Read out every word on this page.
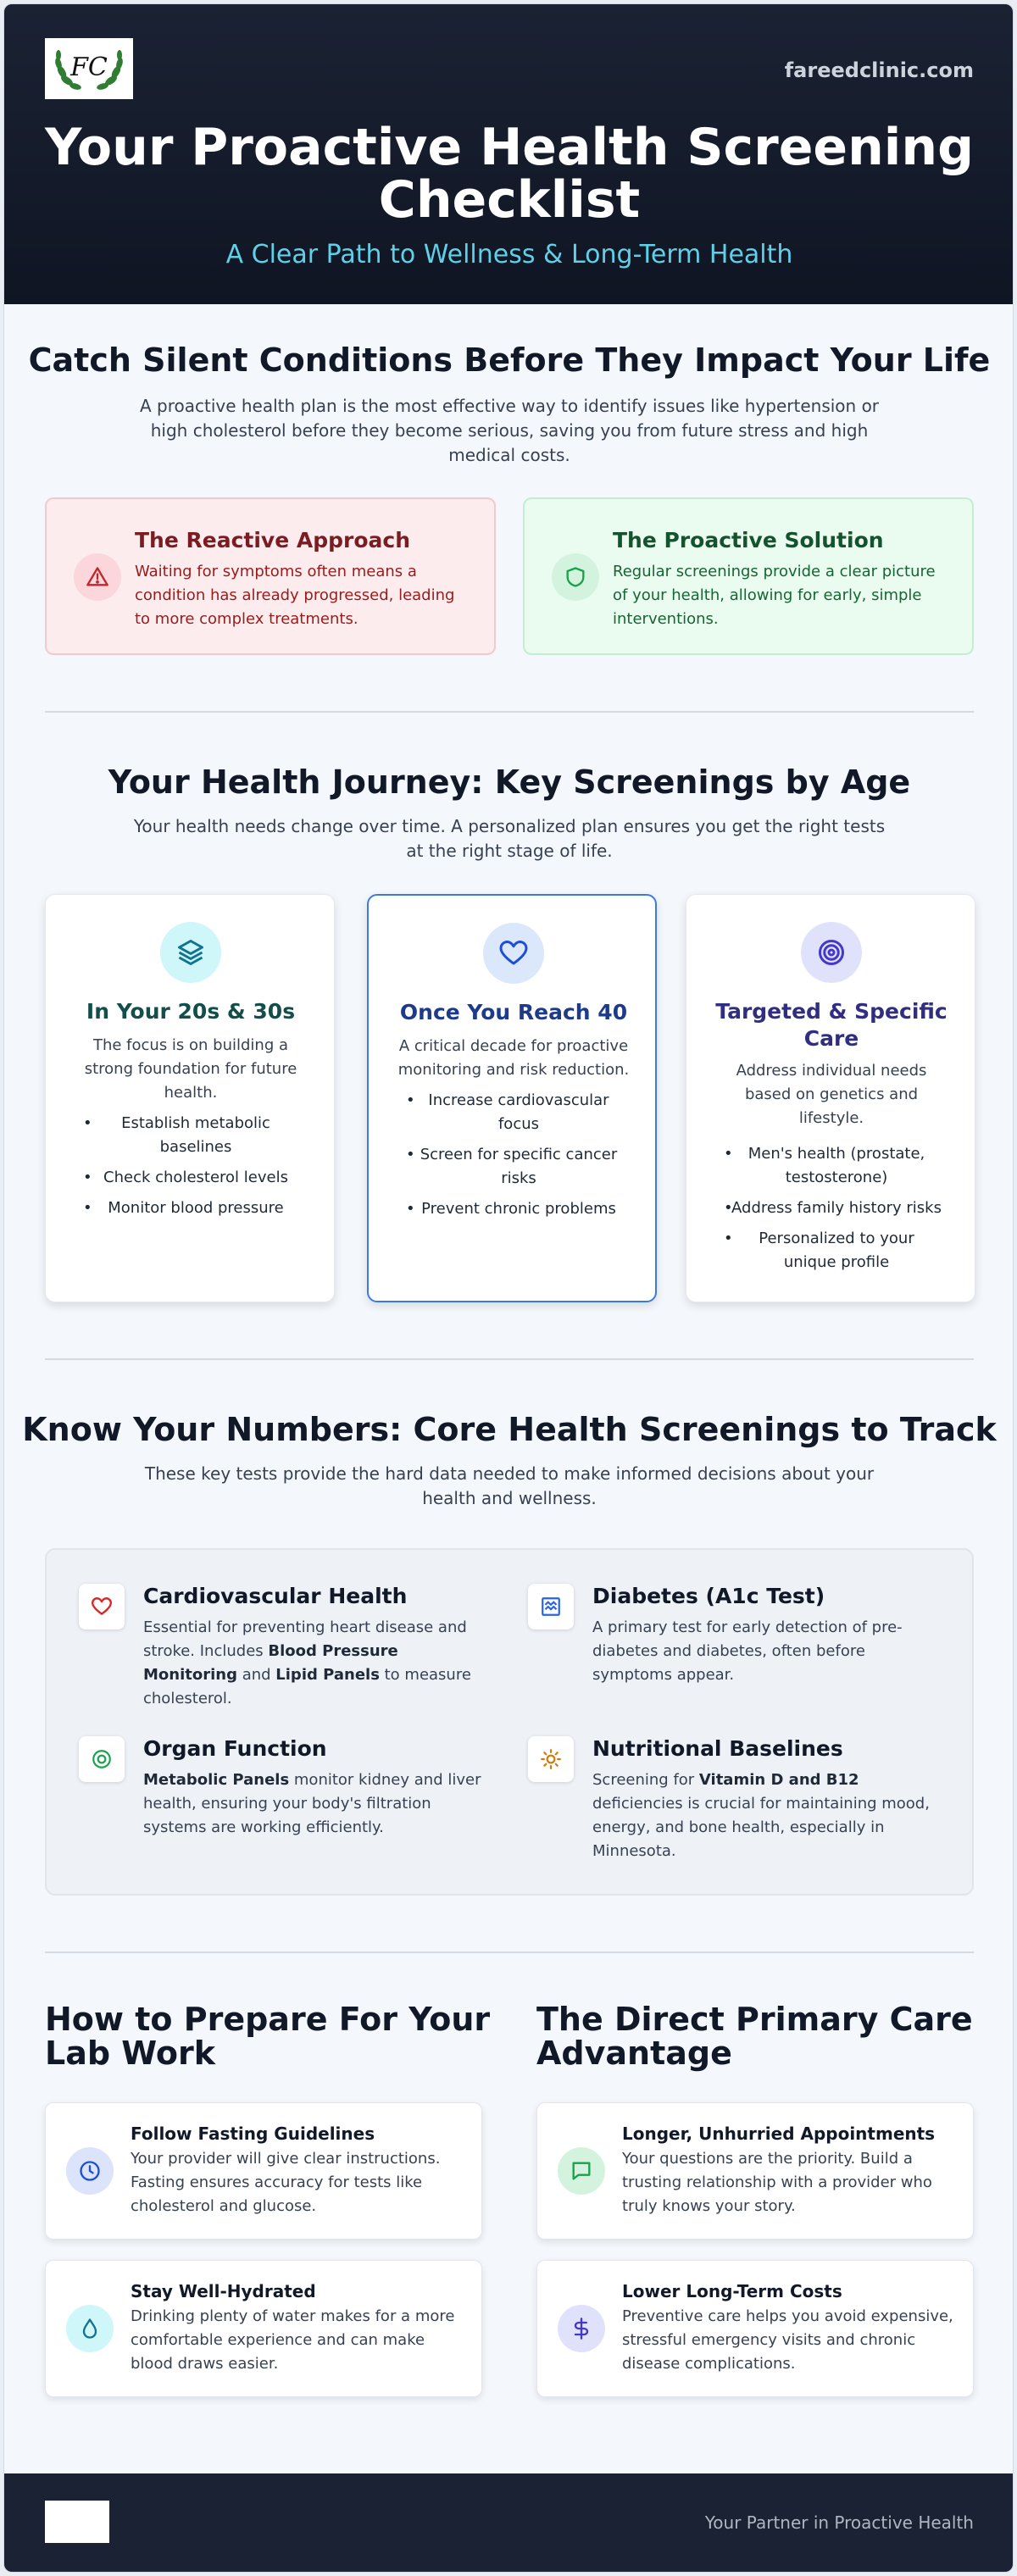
FC	fareedclinic.com
Your Proactive Health Screening Checklist
A Clear Path to Wellness & Long-Term Health
Catch Silent Conditions Before They Impact Your Life
A proactive health plan is the most effective way to identify issues like hypertension or high cholesterol before they become serious, saving you from future stress and high medical costs.
The Reactive Approach
Waiting for symptoms often means a condition has already progressed, leading to more complex treatments.
The Proactive Solution
Regular screenings provide a clear picture of your health, allowing for early, simple interventions.
Your Health Journey: Key Screenings by Age
Your health needs change over time. A personalized plan ensures you get the right tests at the right stage of life.
In Your 20s & 30s
The focus is on building a strong foundation for future health.
• Establish metabolic baselines
• Check cholesterol levels
• Monitor blood pressure
Once You Reach 40
A critical decade for proactive monitoring and risk reduction.
• Increase cardiovascular focus
• Screen for specific cancer risks
• Prevent chronic problems
Targeted & Specific Care
Address individual needs based on genetics and lifestyle.
• Men's health (prostate, testosterone)
• Address family history risks
• Personalized to your unique profile
Know Your Numbers: Core Health Screenings to Track
These key tests provide the hard data needed to make informed decisions about your health and wellness.
Cardiovascular Health
Essential for preventing heart disease and stroke. Includes Blood Pressure Monitoring and Lipid Panels to measure cholesterol.
Diabetes (A1c Test)
A primary test for early detection of pre-diabetes and diabetes, often before symptoms appear.
Organ Function
Metabolic Panels monitor kidney and liver health, ensuring your body's filtration systems are working efficiently.
Nutritional Baselines
Screening for Vitamin D and B12 deficiencies is crucial for maintaining mood, energy, and bone health, especially in Minnesota.
How to Prepare For Your Lab Work
The Direct Primary Care Advantage
Follow Fasting Guidelines
Your provider will give clear instructions. Fasting ensures accuracy for tests like cholesterol and glucose.
Stay Well-Hydrated
Drinking plenty of water makes for a more comfortable experience and can make blood draws easier.
Longer, Unhurried Appointments
Your questions are the priority. Build a trusting relationship with a provider who truly knows your story.
Lower Long-Term Costs
Preventive care helps you avoid expensive, stressful emergency visits and chronic disease complications.
Your Partner in Proactive Health
